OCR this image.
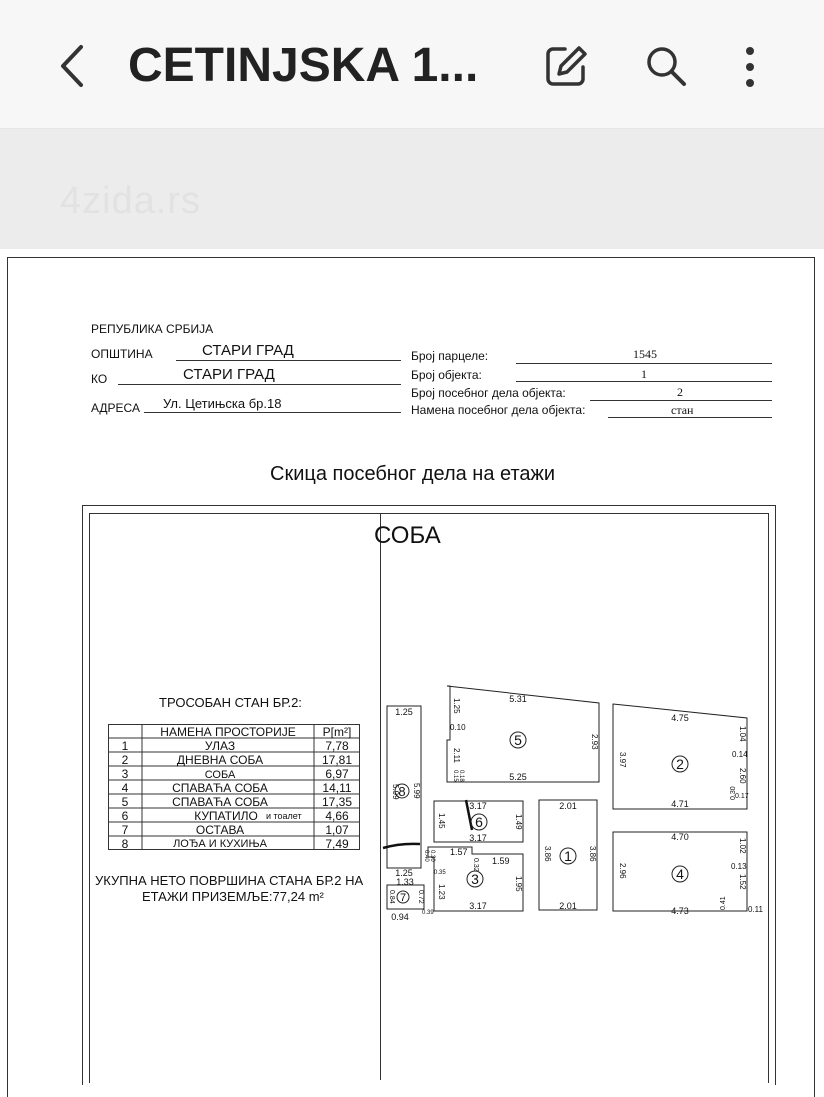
CETINJSKA 1...
4zida.rs
РЕПУБЛИКА СРБИЈА
ОПШТИНА	СТАРИ ГРАД
КО	СТАРИ ГРАД
АДРЕСА Ул. Цетињска бр.18
Број парцеле:	1545
Број објекта:	1
Број посебног дела објекта:	2
Намена посебног дела објекта:	стан
Скица посебног дела на етажи
СОБА
ТРОСОБАН СТАН БР.2:
НАМЕНА ПРОСТОРИЈЕ P[m²]
1	УЛАЗ	7,78
2	ДНЕВНА СОБА	17,81
3	СОБА	6,97
4	СПАВАЋА СОБА	14,11
5	СПАВАЋА СОБА	17,35
6	КУПАТИЛО и тоалет 4,66
7	ОСТАВА	1,07
8	ЛОЂА И КУХИЊА	7,49
УКУПНА НЕТО ПОВРШИНА СТАНА БР.2 НА
ЕТАЖИ ПРИЗЕМЉЕ:77,24 m²
5
2
4
1
6
3
8
7
5.31
5.25
1.25
0.10
2.11
0.15 0.18
2.93
4.75
4.71
3.97
1.04
0.14
2.60
0.17
0.30
4.70
4.73
2.96
1.02
0.13
1.52
0.41	0.11
2.01
2.01
3.86	3.86
3.17
3.17
1.45	1.49
1.57
1.59
3.17
1.23
1.95
0.32
0.35
0.30
0.40
1.25
1.25
5.99 5.99
1.33
0.94
0.84	0.72
0.39
